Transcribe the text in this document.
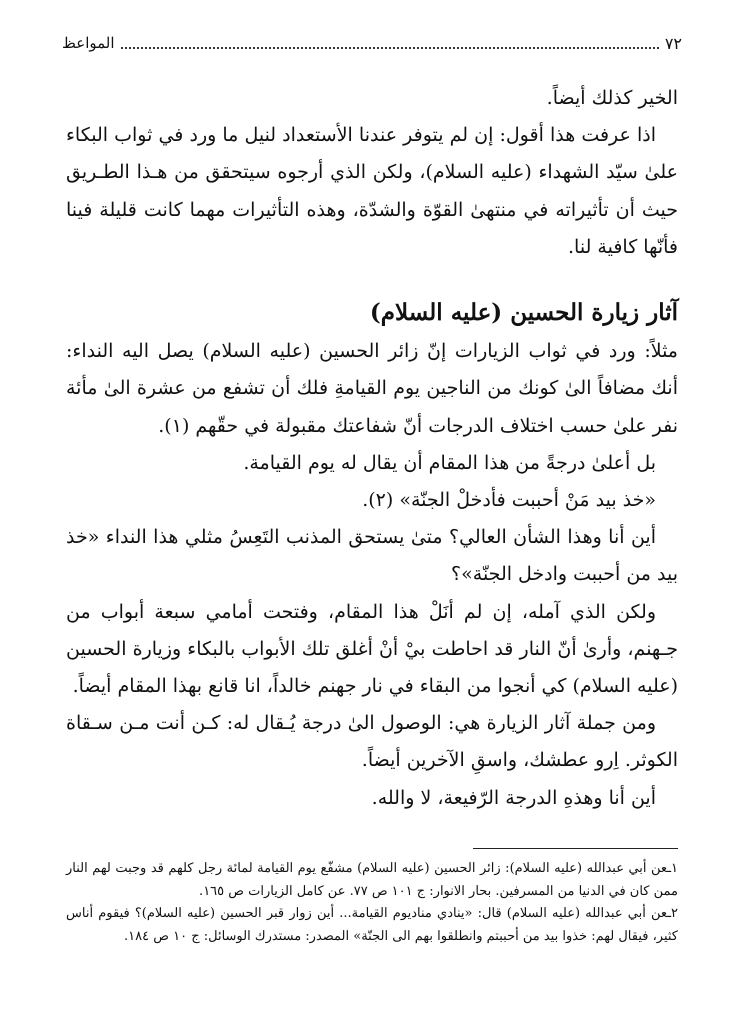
٧٢
المواعظ

الخير كذلك أيضاً.

اذا عرفت هذا أقول: إن لم يتوفر عندنا الأستعداد لنيل ما ورد في ثواب البكاء علىٰ سيّد الشهداء (عليه السلام)، ولكن الذي أرجوه سيتحقق من هـذا الطـريق حيث أن تأثيراته في منتهىٰ القوّة والشدّة، وهذه التأثيرات مهما كانت قليلة فينا فأنّها كافية لنا.

آثار زيارة الحسين (عليه السلام)

مثلاً: ورد في ثواب الزيارات إنّ زائر الحسين (عليه السلام) يصل اليه النداء: أنك مضافاً الىٰ كونك من الناجين يوم القيامةِ فلك أن تشفع من عشرة الىٰ مأئة نفر علىٰ حسب اختلاف الدرجات أنّ شفاعتك مقبولة في حقّهم (١).

بل أعلىٰ درجةً من هذا المقام أن يقال له يوم القيامة.

«خذ بيد مَنْ أحببت فأدخلْ الجنّة» (٢).

أين أنا وهذا الشأن العالي؟ متىٰ يستحق المذنب التَعِسُ مثلي هذا النداء «خذ بيد من أحببت وادخل الجنّة»؟

ولكن الذي آمله، إن لم أنَلْ هذا المقام، وفتحت أمامي سبعة أبواب من جـهنم، وأرىٰ أنّ النار قد احاطت بيْ أنْ أغلق تلك الأبواب بالبكاء وزيارة الحسين (عليه السلام) كي أنجوا من البقاء في نار جهنم خالداً، انا قانع بهذا المقام أيضاً.

ومن جملة آثار الزيارة هي: الوصول الىٰ درجة يُـقال له: كـن أنت مـن سـقاة الكوثر. اِرو عطشك، واسقِ الآخرين أيضاً.

أين أنا وهذهِ الدرجة الرّفيعة، لا والله.

١ـعن أبي عبدالله (عليه السلام): زائر الحسين (عليه السلام) مشفّع يوم القيامة لمائة رجل كلهم قد وجبت لهم النار ممن كان في الدنيا من المسرفين. بحار الانوار: ج ١٠١ ص ٧٧. عن كامل الزيارات ص ١٦٥.

٢ـعن أبي عبدالله (عليه السلام) قال: «ينادي مناديوم القيامة... أين زوار قبر الحسين (عليه السلام)؟ فيقوم أناس كثير، فيقال لهم: خذوا بيد من أحببتم وانطلقوا بهم الى الجنّة» المصدر: مستدرك الوسائل: ج ١٠ ص ١٨٤.
